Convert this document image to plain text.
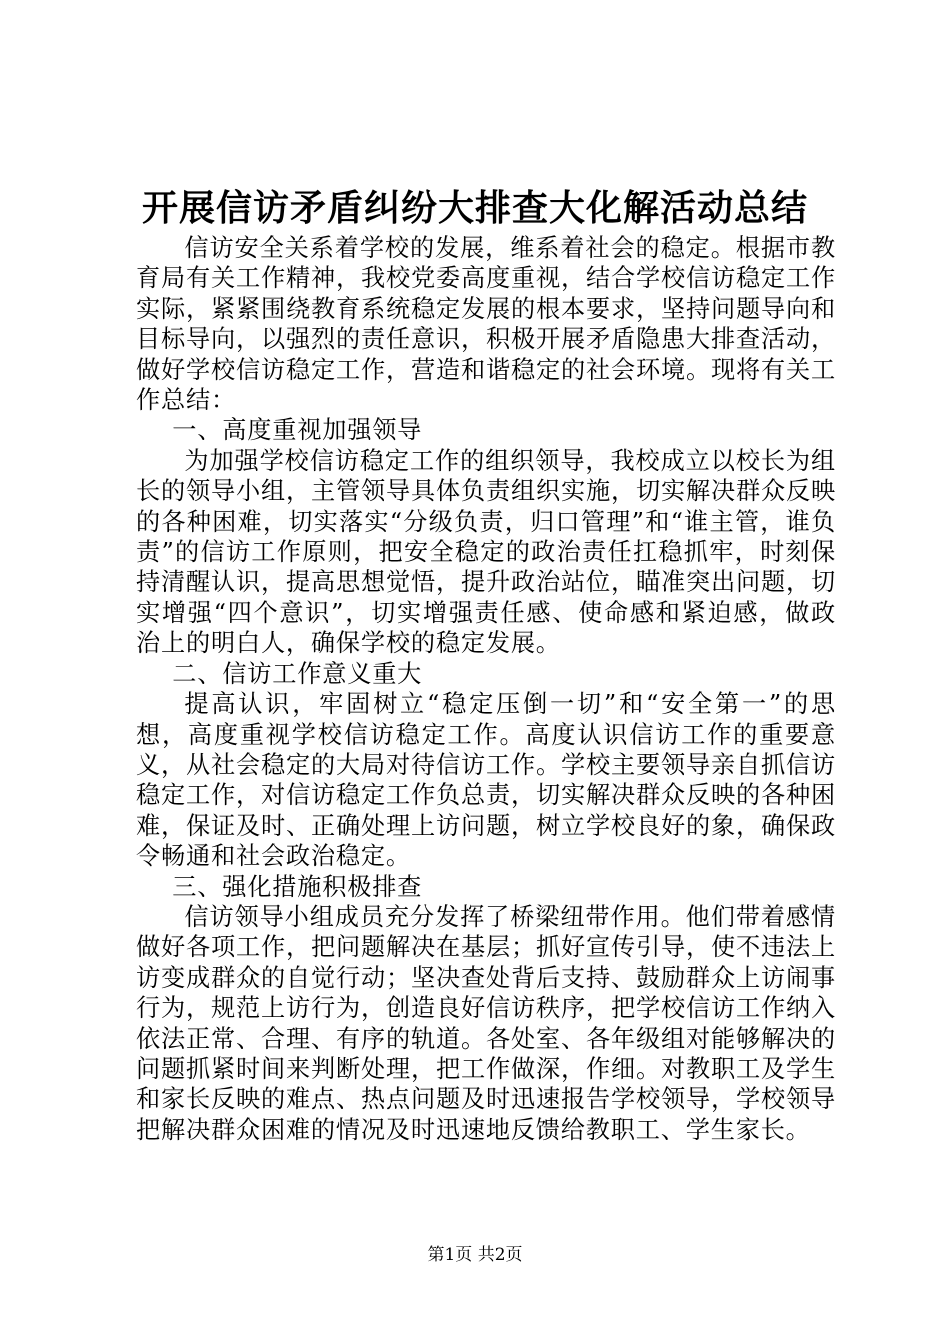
开展信访矛盾纠纷大排查大化解活动总结

信访安全关系着学校的发展，维系着社会的稳定。根据市教育局有关工作精神，我校党委高度重视，结合学校信访稳定工作实际，紧紧围绕教育系统稳定发展的根本要求，坚持问题导向和目标导向，以强烈的责任意识，积极开展矛盾隐患大排查活动，做好学校信访稳定工作，营造和谐稳定的社会环境。现将有关工作总结：

一、高度重视加强领导

为加强学校信访稳定工作的组织领导，我校成立以校长为组长的领导小组，主管领导具体负责组织实施，切实解决群众反映的各种困难，切实落实“分级负责，归口管理”和“谁主管，谁负责”的信访工作原则，把安全稳定的政治责任扛稳抓牢，时刻保持清醒认识，提高思想觉悟，提升政治站位，瞄准突出问题，切实增强“四个意识”，切实增强责任感、使命感和紧迫感，做政治上的明白人，确保学校的稳定发展。

二、信访工作意义重大

提高认识，牢固树立“稳定压倒一切”和“安全第一”的思想，高度重视学校信访稳定工作。高度认识信访工作的重要意义，从社会稳定的大局对待信访工作。学校主要领导亲自抓信访稳定工作，对信访稳定工作负总责，切实解决群众反映的各种困难，保证及时、正确处理上访问题，树立学校良好的象，确保政令畅通和社会政治稳定。

三、强化措施积极排查

信访领导小组成员充分发挥了桥梁纽带作用。他们带着感情做好各项工作，把问题解决在基层；抓好宣传引导，使不违法上访变成群众的自觉行动；坚决查处背后支持、鼓励群众上访闹事行为，规范上访行为，创造良好信访秩序，把学校信访工作纳入依法正常、合理、有序的轨道。各处室、各年级组对能够解决的问题抓紧时间来判断处理，把工作做深，作细。对教职工及学生和家长反映的难点、热点问题及时迅速报告学校领导，学校领导把解决群众困难的情况及时迅速地反馈给教职工、学生家长。

第1页 共2页
